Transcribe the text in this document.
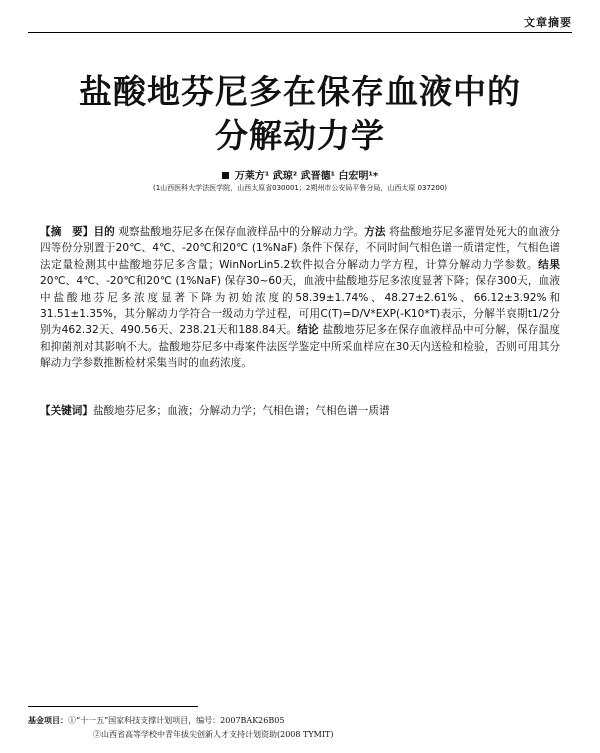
文章摘要
盐酸地芬尼多在保存血液中的
分解动力学
万莱方¹ 武琼² 武晋德¹ 白宏明¹*
(1山西医科大学法医学院，山西太原省030001；2朔州市公安局平鲁分局，山西太原 037200)
【摘　要】目的 观察盐酸地芬尼多在保存血液样品中的分解动力学。方法 将盐酸地芬尼多灌胃处死大的血液分四等份分别置于20℃、4℃、-20℃和20℃ (1%NaF) 条件下保存，不同时间气相色谱一质谱定性，气相色谱法定量检测其中盐酸地芬尼多含量；WinNorLin5.2软件拟合分解动力学方程，计算分解动力学参数。结果 20℃、4℃、-20℃和20℃ (1%NaF) 保存30~60天，血液中盐酸地芬尼多浓度显著下降；保存300天，血液中盐酸地芬尼多浓度显著下降为初始浓度的58.39±1.74%、48.27±2.61%、66.12±3.92%和31.51±1.35%，其分解动力学符合一级动力学过程，可用C(T)=D/V*EXP(-K10*T)表示，分解半衰期t1/2分别为462.32天、490.56天、238.21天和188.84天。结论 盐酸地芬尼多在保存血液样品中可分解，保存温度和抑菌剂对其影响不大。盐酸地芬尼多中毒案件法医学鉴定中所采血样应在30天内送检和检验，否则可用其分解动力学参数推断检材采集当时的血药浓度。
【关键词】盐酸地芬尼多；血液；分解动力学；气相色谱；气相色谱一质谱
基金项目：①“十一五”国家科技支撑计划项目，编号：2007BAK26B05
②山西省高等学校中青年拔尖创新人才支持计划资助(2008 TYMIT)
